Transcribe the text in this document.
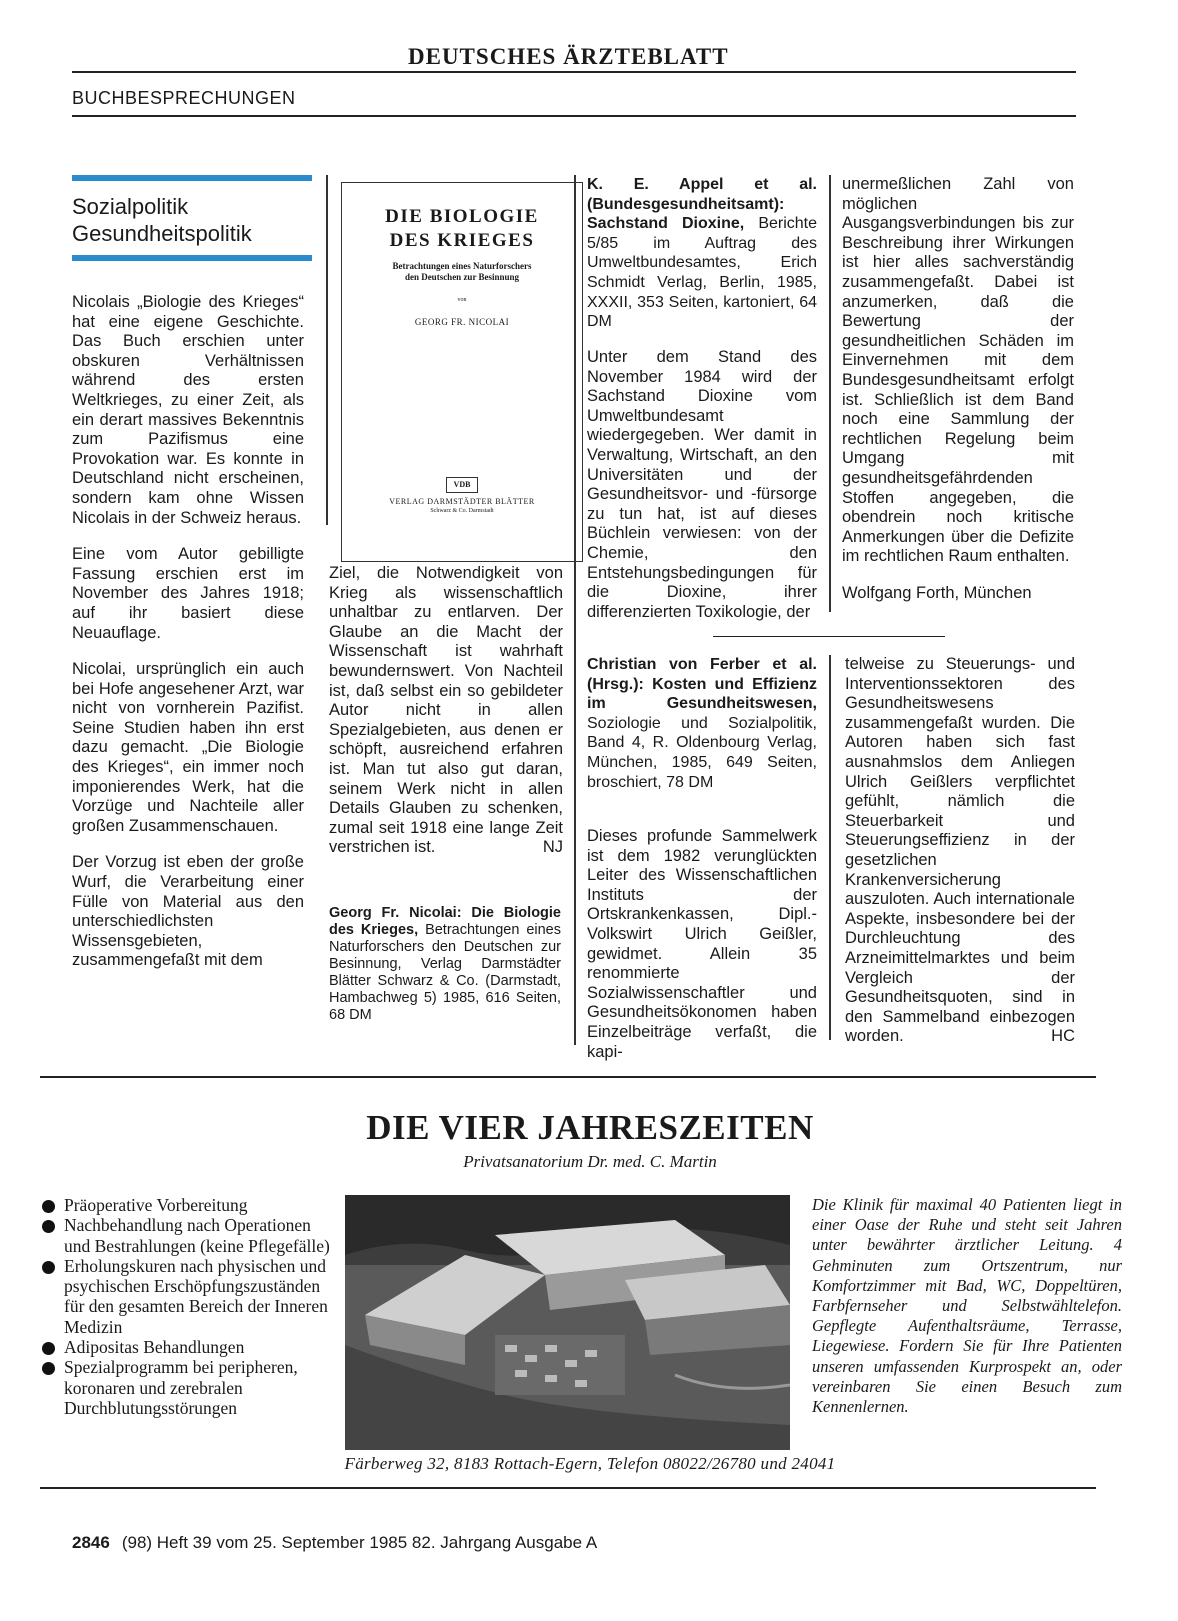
DEUTSCHES ÄRZTEBLATT
BUCHBESPRECHUNGEN
Sozialpolitik
Gesundheitspolitik

Nicolais „Biologie des Krieges“ hat eine eigene Geschichte. Das Buch erschien unter obskuren Verhältnissen während des ersten Weltkrieges, zu einer Zeit, als ein derart massives Bekenntnis zum Pazifismus eine Provokation war. Es konnte in Deutschland nicht erscheinen, sondern kam ohne Wissen Nicolais in der Schweiz heraus.

Eine vom Autor gebilligte Fassung erschien erst im November des Jahres 1918; auf ihr basiert diese Neuauflage.

Nicolai, ursprünglich ein auch bei Hofe angesehener Arzt, war nicht von vornherein Pazifist. Seine Studien haben ihn erst dazu gemacht. „Die Biologie des Krieges“, ein immer noch imponierendes Werk, hat die Vorzüge und Nachteile aller großen Zusammenschauen.

Der Vorzug ist eben der große Wurf, die Verarbeitung einer Fülle von Material aus den unterschiedlichsten Wissensgebieten, zusammengefaßt mit dem

DIE BIOLOGIE
DES KRIEGES
Betrachtungen eines Naturforschers
den Deutschen zur Besinnung
von
GEORG FR. NICOLAI
VDB
VERLAG DARMSTÄDTER BLÄTTER
Schwarz & Co. Darmstadt

Ziel, die Notwendigkeit von Krieg als wissenschaftlich unhaltbar zu entlarven. Der Glaube an die Macht der Wissenschaft ist wahrhaft bewundernswert. Von Nachteil ist, daß selbst ein so gebildeter Autor nicht in allen Spezialgebieten, aus denen er schöpft, ausreichend erfahren ist. Man tut also gut daran, seinem Werk nicht in allen Details Glauben zu schenken, zumal seit 1918 eine lange Zeit verstrichen ist.	NJ
Georg Fr. Nicolai: Die Biologie des Krieges, Betrachtungen eines Naturforschers den Deutschen zur Besinnung, Verlag Darmstädter Blätter Schwarz & Co. (Darmstadt, Hambachweg 5) 1985, 616 Seiten, 68 DM
K. E. Appel et al. (Bundesgesundheitsamt): Sachstand Dioxine, Berichte 5/85 im Auftrag des Umweltbundesamtes, Erich Schmidt Verlag, Berlin, 1985, XXXII, 353 Seiten, kartoniert, 64 DM

Unter dem Stand des November 1984 wird der Sachstand Dioxine vom Umweltbundesamt wiedergegeben. Wer damit in Verwaltung, Wirtschaft, an den Universitäten und der Gesundheitsvor- und -fürsorge zu tun hat, ist auf dieses Büchlein verwiesen: von der Chemie, den Entstehungsbedingungen für die Dioxine, ihrer differenzierten Toxikologie, der

unermeßlichen Zahl von möglichen Ausgangsverbindungen bis zur Beschreibung ihrer Wirkungen ist hier alles sachverständig zusammengefaßt. Dabei ist anzumerken, daß die Bewertung der gesundheitlichen Schäden im Einvernehmen mit dem Bundesgesundheitsamt erfolgt ist. Schließlich ist dem Band noch eine Sammlung der rechtlichen Regelung beim Umgang mit gesundheitsgefährdenden Stoffen angegeben, die obendrein noch kritische Anmerkungen über die Defizite im rechtlichen Raum enthalten.

Wolfgang Forth, München
Christian von Ferber et al. (Hrsg.): Kosten und Effizienz im Gesundheitswesen, Soziologie und Sozialpolitik, Band 4, R. Oldenbourg Verlag, München, 1985, 649 Seiten, broschiert, 78 DM

Dieses profunde Sammelwerk ist dem 1982 verunglückten Leiter des Wissenschaftlichen Instituts der Ortskrankenkassen, Dipl.-Volkswirt Ulrich Geißler, gewidmet. Allein 35 renommierte Sozialwissenschaftler und Gesundheitsökonomen haben Einzelbeiträge verfaßt, die kapi-

telweise zu Steuerungs- und Interventionssektoren des Gesundheitswesens zusammengefaßt wurden. Die Autoren haben sich fast ausnahmslos dem Anliegen Ulrich Geißlers verpflichtet gefühlt, nämlich die Steuerbarkeit und Steuerungseffizienz in der gesetzlichen Krankenversicherung auszuloten. Auch internationale Aspekte, insbesondere bei der Durchleuchtung des Arzneimittelmarktes und beim Vergleich der Gesundheitsquoten, sind in den Sammelband einbezogen worden.	HC
DIE VIER JAHRESZEITEN
Privatsanatorium Dr. med. C. Martin
Präoperative Vorbereitung
Nachbehandlung nach Operationen und Bestrahlungen (keine Pflegefälle)
Erholungskuren nach physischen und psychischen Erschöpfungszuständen für den gesamten Bereich der Inneren Medizin
Adipositas Behandlungen
Spezialprogramm bei peripheren, koronaren und zerebralen Durchblutungsstörungen
Die Klinik für maximal 40 Patienten liegt in einer Oase der Ruhe und steht seit Jahren unter bewährter ärztlicher Leitung. 4 Gehminuten zum Ortszentrum, nur Komfortzimmer mit Bad, WC, Doppeltüren, Farbfernseher und Selbstwähltelefon. Gepflegte Aufenthaltsräume, Terrasse, Liegewiese. Fordern Sie für Ihre Patienten unseren umfassenden Kurprospekt an, oder vereinbaren Sie einen Besuch zum Kennenlernen.
Färberweg 32, 8183 Rottach-Egern, Telefon 08022/26780 und 24041
2846 (98) Heft 39 vom 25. September 1985 82. Jahrgang Ausgabe A
